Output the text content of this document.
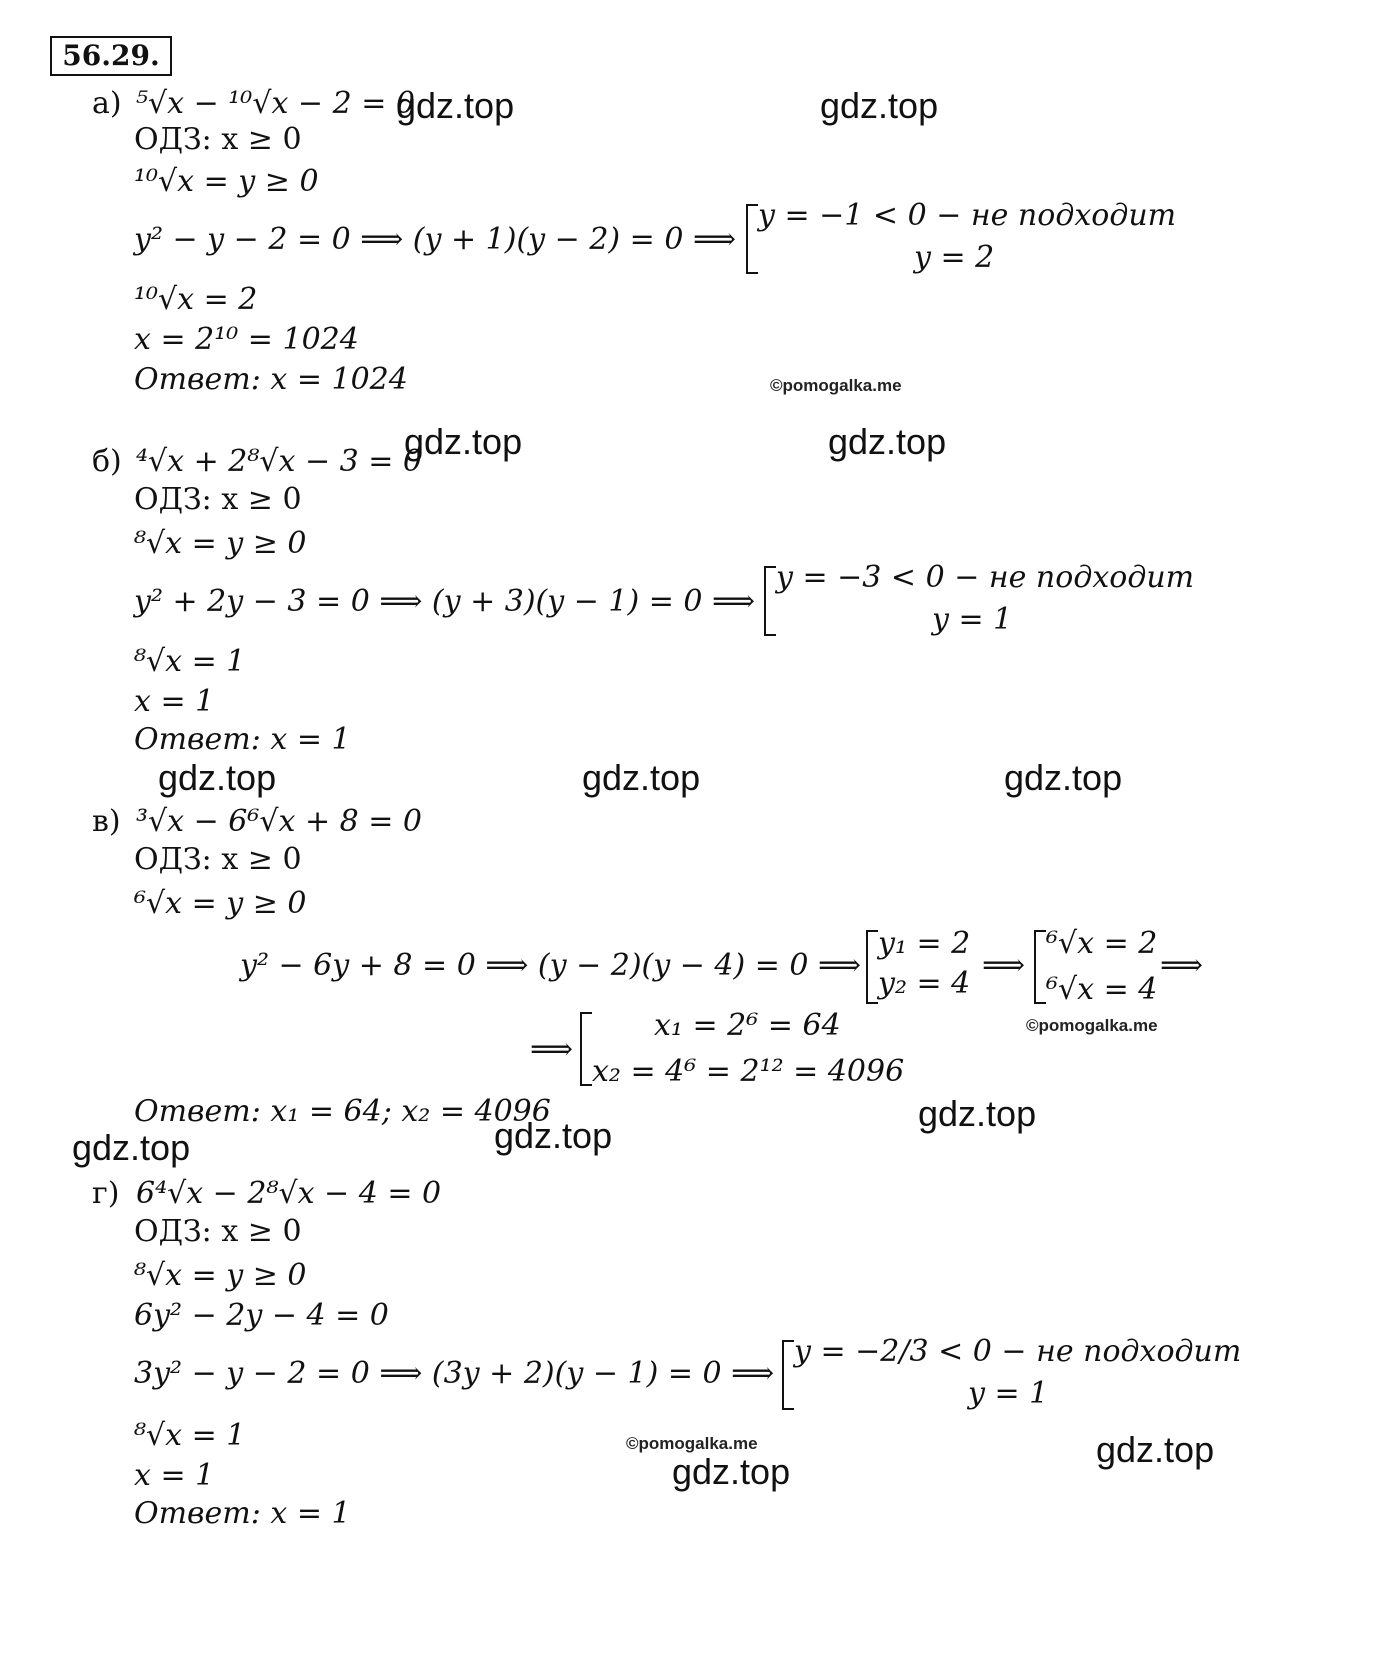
56.29.
а) ⁵√x − ¹⁰√x − 2 = 0
ОДЗ: x ≥ 0
¹⁰√x = y ≥ 0
y² − y − 2 = 0 ⟹ (y + 1)(y − 2) = 0 ⟹
y = −1 < 0 − не подходит
y = 2
¹⁰√x = 2
x = 2¹⁰ = 1024
Ответ: x = 1024
б) ⁴√x + 2⁸√x − 3 = 0
ОДЗ: x ≥ 0
⁸√x = y ≥ 0
y² + 2y − 3 = 0 ⟹ (y + 3)(y − 1) = 0 ⟹
y = −3 < 0 − не подходит
y = 1
⁸√x = 1
x = 1
Ответ: x = 1
в) ³√x − 6⁶√x + 8 = 0
ОДЗ: x ≥ 0
⁶√x = y ≥ 0
y² − 6y + 8 = 0 ⟹ (y − 2)(y − 4) = 0 ⟹
y₁ = 2
y₂ = 4
⟹
⁶√x = 2
⁶√x = 4
⟹
⟹
x₁ = 2⁶ = 64
x₂ = 4⁶ = 2¹² = 4096
Ответ: x₁ = 64; x₂ = 4096
г) 6⁴√x − 2⁸√x − 4 = 0
ОДЗ: x ≥ 0
⁸√x = y ≥ 0
6y² − 2y − 4 = 0
3y² − y − 2 = 0 ⟹ (3y + 2)(y − 1) = 0 ⟹
y = −2/3 < 0 − не подходит
y = 1
⁸√x = 1
x = 1
Ответ: x = 1
gdz.top	gdz.top
gdz.top	gdz.top
gdz.top	gdz.top	gdz.top
gdz.top
gdz.top
gdz.top
gdz.top
gdz.top
©pomogalka.me
©pomogalka.me
©pomogalka.me
